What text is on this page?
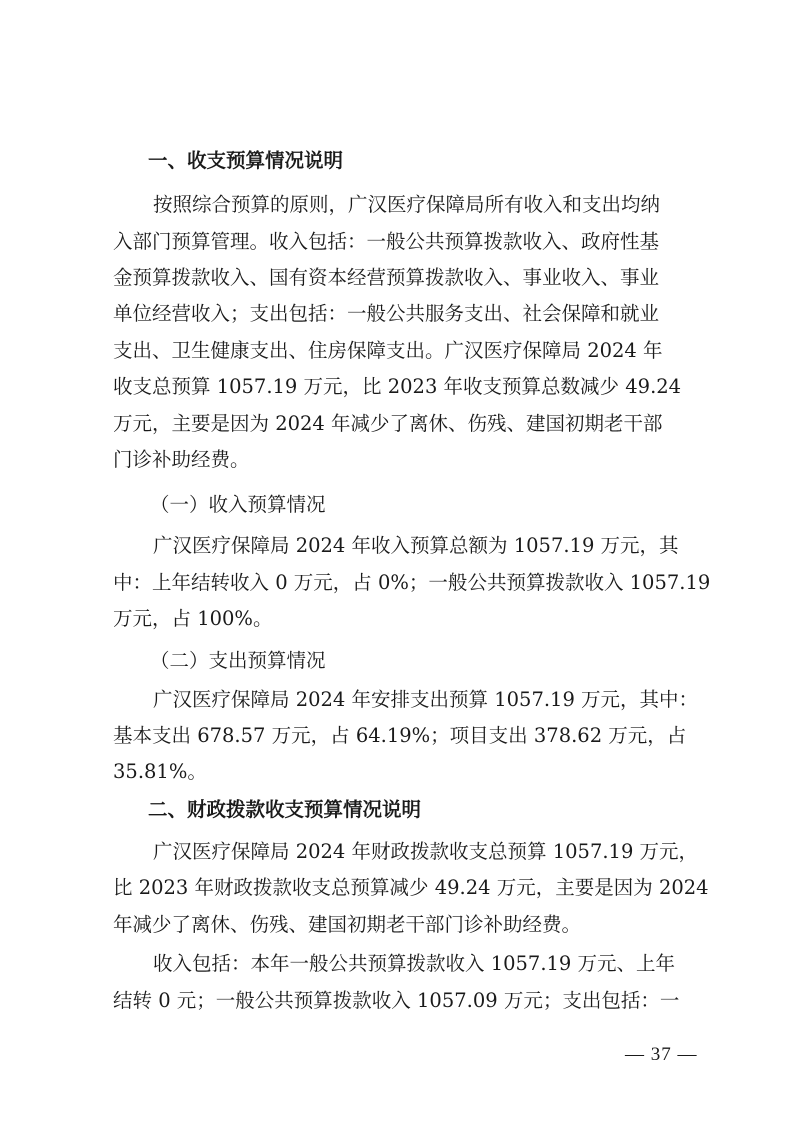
一、收支预算情况说明
按照综合预算的原则，广汉医疗保障局所有收入和支出均纳
入部门预算管理。收入包括：一般公共预算拨款收入、政府性基
金预算拨款收入、国有资本经营预算拨款收入、事业收入、事业
单位经营收入；支出包括：一般公共服务支出、社会保障和就业
支出、卫生健康支出、住房保障支出。广汉医疗保障局 2024 年
收支总预算 1057.19 万元，比 2023 年收支预算总数减少 49.24
万元，主要是因为 2024 年减少了离休、伤残、建国初期老干部
门诊补助经费。
（一）收入预算情况
广汉医疗保障局 2024 年收入预算总额为 1057.19 万元，其
中：上年结转收入 0 万元，占 0%；一般公共预算拨款收入 1057.19
万元，占 100%。
（二）支出预算情况
广汉医疗保障局 2024 年安排支出预算 1057.19 万元，其中：
基本支出 678.57 万元，占 64.19%；项目支出 378.62 万元，占
35.81%。
二、财政拨款收支预算情况说明
广汉医疗保障局 2024 年财政拨款收支总预算 1057.19 万元，
比 2023 年财政拨款收支总预算减少 49.24 万元，主要是因为 2024
年减少了离休、伤残、建国初期老干部门诊补助经费。
收入包括：本年一般公共预算拨款收入 1057.19 万元、上年
结转 0 元；一般公共预算拨款收入 1057.09 万元；支出包括：一
— 37 —
